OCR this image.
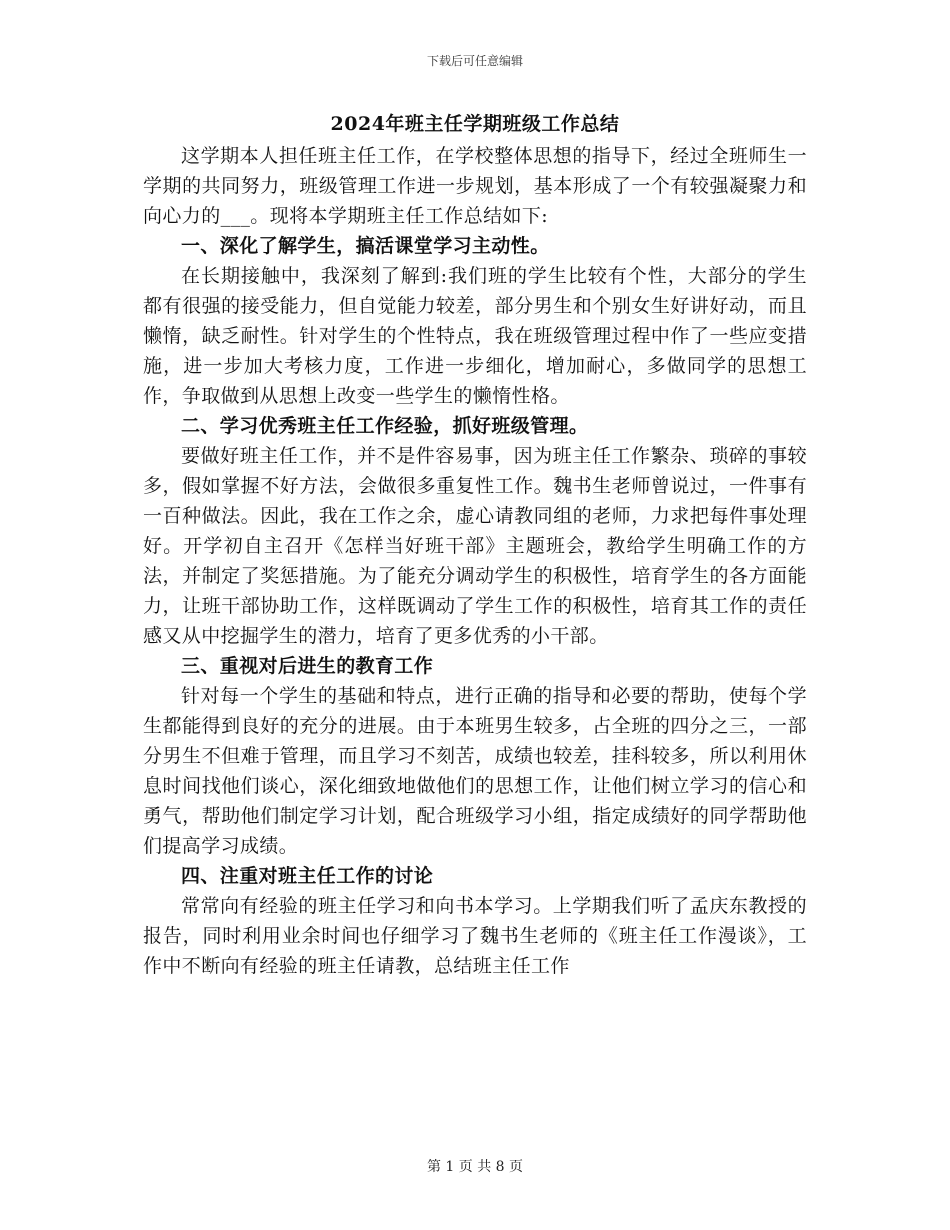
下载后可任意编辑
2024年班主任学期班级工作总结

这学期本人担任班主任工作，在学校整体思想的指导下，经过全班师生一学期的共同努力，班级管理工作进一步规划，基本形成了一个有较强凝聚力和向心力的___。现将本学期班主任工作总结如下:

一、深化了解学生，搞活课堂学习主动性。

在长期接触中，我深刻了解到:我们班的学生比较有个性，大部分的学生都有很强的接受能力，但自觉能力较差，部分男生和个别女生好讲好动，而且懒惰，缺乏耐性。针对学生的个性特点，我在班级管理过程中作了一些应变措施，进一步加大考核力度，工作进一步细化，增加耐心，多做同学的思想工作，争取做到从思想上改变一些学生的懒惰性格。

二、学习优秀班主任工作经验，抓好班级管理。

要做好班主任工作，并不是件容易事，因为班主任工作繁杂、琐碎的事较多，假如掌握不好方法，会做很多重复性工作。魏书生老师曾说过，一件事有一百种做法。因此，我在工作之余，虚心请教同组的老师，力求把每件事处理好。开学初自主召开《怎样当好班干部》主题班会，教给学生明确工作的方法，并制定了奖惩措施。为了能充分调动学生的积极性，培育学生的各方面能力，让班干部协助工作，这样既调动了学生工作的积极性，培育其工作的责任感又从中挖掘学生的潜力，培育了更多优秀的小干部。

三、重视对后进生的教育工作

针对每一个学生的基础和特点，进行正确的指导和必要的帮助，使每个学生都能得到良好的充分的进展。由于本班男生较多，占全班的四分之三，一部分男生不但难于管理，而且学习不刻苦，成绩也较差，挂科较多，所以利用休息时间找他们谈心，深化细致地做他们的思想工作，让他们树立学习的信心和勇气，帮助他们制定学习计划，配合班级学习小组，指定成绩好的同学帮助他们提高学习成绩。

四、注重对班主任工作的讨论

常常向有经验的班主任学习和向书本学习。上学期我们听了孟庆东教授的报告，同时利用业余时间也仔细学习了魏书生老师的《班主任工作漫谈》，工作中不断向有经验的班主任请教，总结班主任工作

第 1 页 共 8 页
